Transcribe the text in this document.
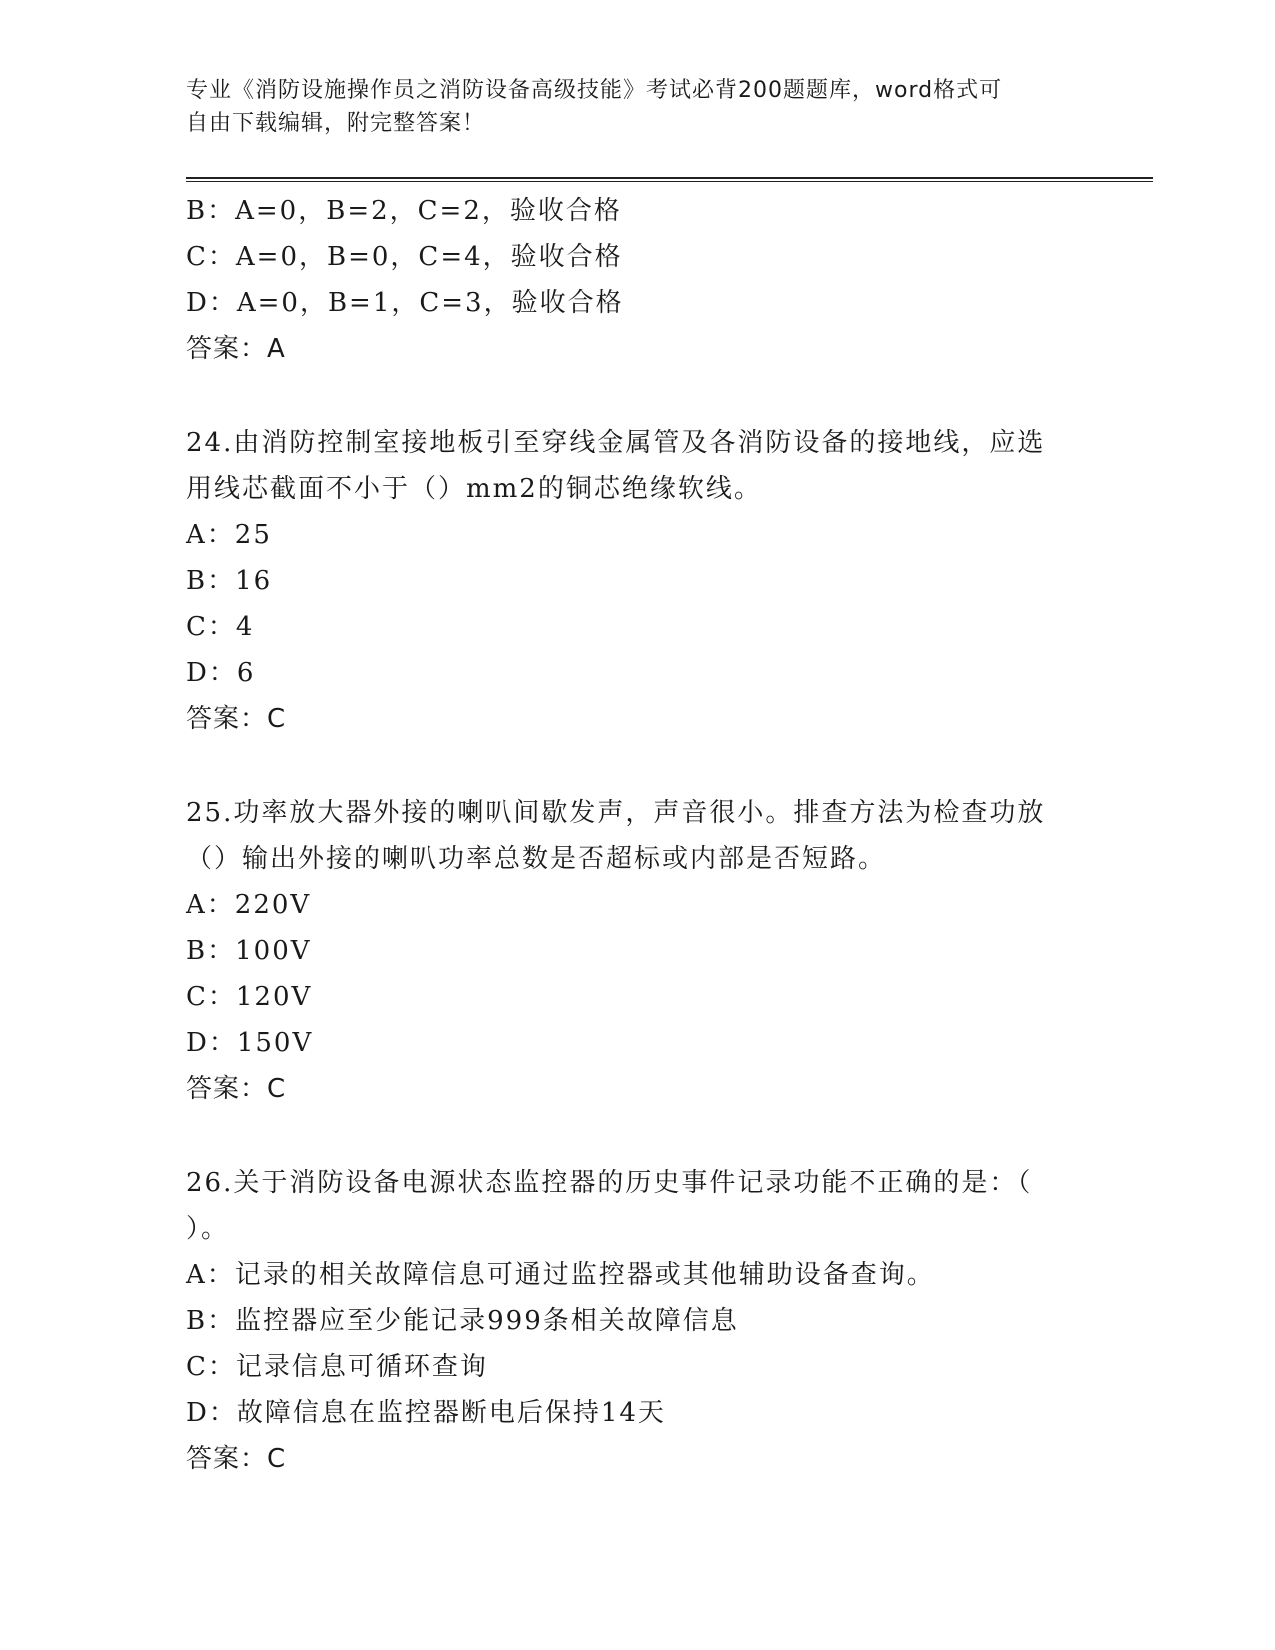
专业《消防设施操作员之消防设备高级技能》考试必背200题题库，word格式可
自由下载编辑，附完整答案！
B：A=0，B=2，C=2，验收合格
C：A=0，B=0，C=4，验收合格
D：A=0，B=1，C=3，验收合格
答案：A
24.由消防控制室接地板引至穿线金属管及各消防设备的接地线，应选
用线芯截面不小于（）mm2的铜芯绝缘软线。
A：25
B：16
C：4
D：6
答案：C
25.功率放大器外接的喇叭间歇发声，声音很小。排查方法为检查功放
（）输出外接的喇叭功率总数是否超标或内部是否短路。
A：220V
B：100V
C：120V
D：150V
答案：C
26.关于消防设备电源状态监控器的历史事件记录功能不正确的是：（
）。
A：记录的相关故障信息可通过监控器或其他辅助设备查询。
B：监控器应至少能记录999条相关故障信息
C：记录信息可循环查询
D：故障信息在监控器断电后保持14天
答案：C
